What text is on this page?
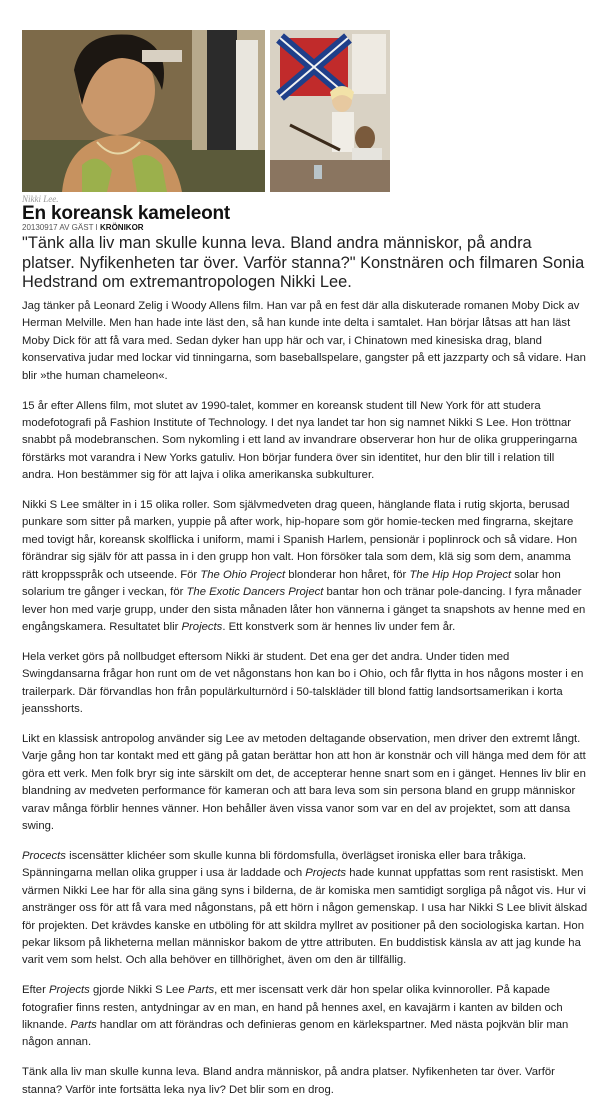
Nikki Lee.
En koreansk kameleont
20130917 AV GÄST I KRÖNIKOR

"Tänk alla liv man skulle kunna leva. Bland andra människor, på andra platser. Nyfikenheten tar över. Varför stanna?" Konstnären och filmaren Sonia Hedstrand om extremantropologen Nikki Lee.

Jag tänker på Leonard Zelig i Woody Allens film. Han var på en fest där alla diskuterade romanen Moby Dick av Herman Melville. Men han hade inte läst den, så han kunde inte delta i samtalet. Han börjar låtsas att han läst Moby Dick för att få vara med. Sedan dyker han upp här och var, i Chinatown med kinesiska drag, bland konservativa judar med lockar vid tinningarna, som baseballspelare, gangster på ett jazzparty och så vidare. Han blir »the human chameleon«.

15 år efter Allens film, mot slutet av 1990-talet, kommer en koreansk student till New York för att studera modefotografi på Fashion Institute of Technology. I det nya landet tar hon sig namnet Nikki S Lee. Hon tröttnar snabbt på modebranschen. Som nykomling i ett land av invandrare observerar hon hur de olika grupperingarna förstärks mot varandra i New Yorks gatuliv. Hon börjar fundera över sin identitet, hur den blir till i relation till andra. Hon bestämmer sig för att lajva i olika amerikanska subkulturer.

Nikki S Lee smälter in i 15 olika roller. Som självmedveten drag queen, hänglande flata i rutig skjorta, berusad punkare som sitter på marken, yuppie på after work, hip-hopare som gör homie-tecken med fingrarna, skejtare med tovigt hår, koreansk skolflicka i uniform, mami i Spanish Harlem, pensionär i poplinrock och så vidare. Hon förändrar sig själv för att passa in i den grupp hon valt. Hon försöker tala som dem, klä sig som dem, anamma rätt kroppsspråk och utseende. För The Ohio Project blonderar hon håret, för The Hip Hop Project solar hon solarium tre gånger i veckan, för The Exotic Dancers Project bantar hon och tränar pole-dancing. I fyra månader lever hon med varje grupp, under den sista månaden låter hon vännerna i gänget ta snapshots av henne med en engångskamera. Resultatet blir Projects. Ett konstverk som är hennes liv under fem år.

Hela verket görs på nollbudget eftersom Nikki är student. Det ena ger det andra. Under tiden med Swingdansarna frågar hon runt om de vet någonstans hon kan bo i Ohio, och får flytta in hos någons moster i en trailerpark. Där förvandlas hon från populärkulturnörd i 50-talskläder till blond fattig landsortsamerikan i korta jeansshorts.

Likt en klassisk antropolog använder sig Lee av metoden deltagande observation, men driver den extremt långt. Varje gång hon tar kontakt med ett gäng på gatan berättar hon att hon är konstnär och vill hänga med dem för att göra ett verk. Men folk bryr sig inte särskilt om det, de accepterar henne snart som en i gänget. Hennes liv blir en blandning av medveten performance för kameran och att bara leva som sin persona bland en grupp människor varav många förblir hennes vänner. Hon behåller även vissa vanor som var en del av projektet, som att dansa swing.

Procects iscensätter klichéer som skulle kunna bli fördomsfulla, överlägset ironiska eller bara tråkiga. Spänningarna mellan olika grupper i usa är laddade och Projects hade kunnat uppfattas som rent rasistiskt. Men värmen Nikki Lee har för alla sina gäng syns i bilderna, de är komiska men samtidigt sorgliga på något vis. Hur vi anstränger oss för att få vara med någonstans, på ett hörn i någon gemenskap. I usa har Nikki S Lee blivit älskad för projekten. Det krävdes kanske en utböling för att skildra myllret av positioner på den sociologiska kartan. Hon pekar liksom på likheterna mellan människor bakom de yttre attributen. En buddistisk känsla av att jag kunde ha varit vem som helst. Och alla behöver en tillhörighet, även om den är tillfällig.

Efter Projects gjorde Nikki S Lee Parts, ett mer iscensatt verk där hon spelar olika kvinnoroller. På kapade fotografier finns resten, antydningar av en man, en hand på hennes axel, en kavajärm i kanten av bilden och liknande. Parts handlar om att förändras och definieras genom en kärlekspartner. Med nästa pojkvän blir man någon annan.

Tänk alla liv man skulle kunna leva. Bland andra människor, på andra platser. Nyfikenheten tar över. Varför stanna? Varför inte fortsätta leka nya liv? Det blir som en drog.
